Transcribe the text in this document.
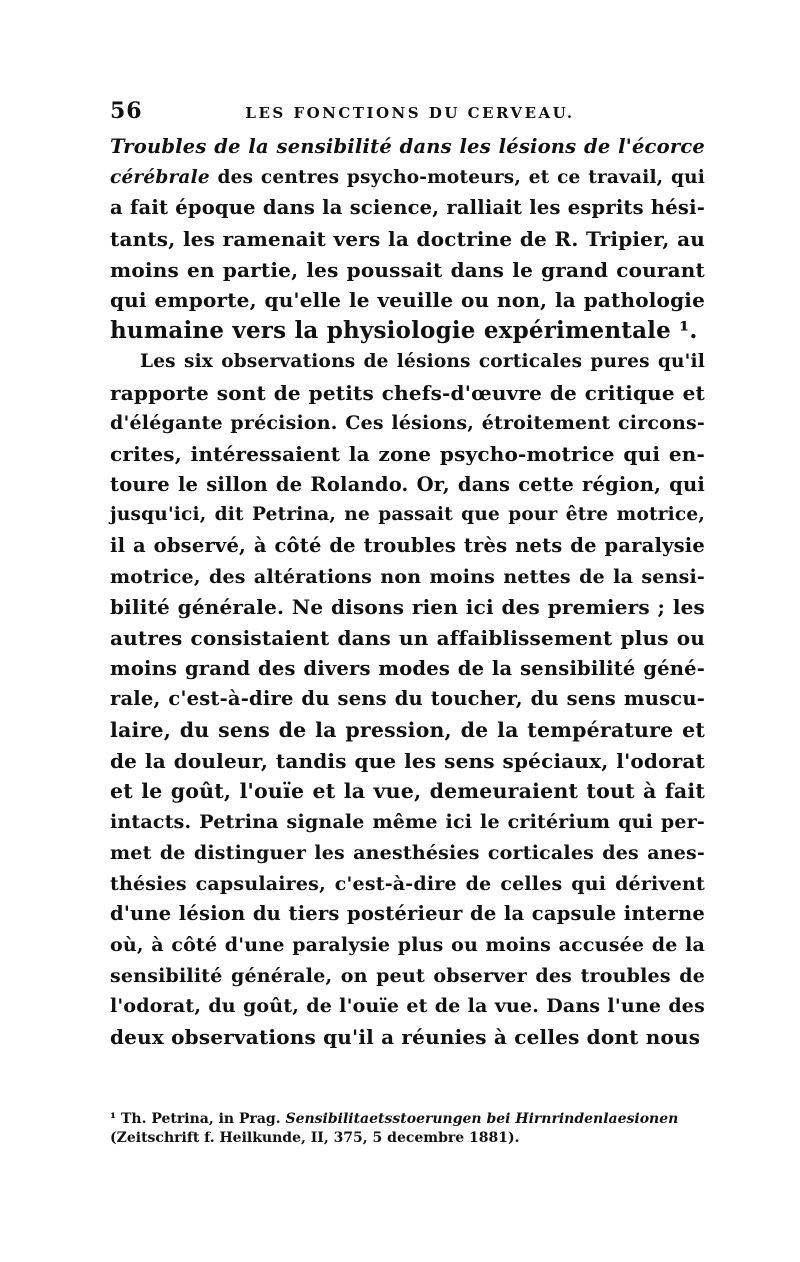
56	LES FONCTIONS DU CERVEAU.
Troubles de la sensibilité dans les lésions de l'écorce
cérébrale des centres psycho-moteurs, et ce travail, qui
a fait époque dans la science, ralliait les esprits hési-
tants, les ramenait vers la doctrine de R. Tripier, au
moins en partie, les poussait dans le grand courant
qui emporte, qu'elle le veuille ou non, la pathologie
humaine vers la physiologie expérimentale ¹.
Les six observations de lésions corticales pures qu'il
rapporte sont de petits chefs-d'œuvre de critique et
d'élégante précision. Ces lésions, étroitement circons-
crites, intéressaient la zone psycho-motrice qui en-
toure le sillon de Rolando. Or, dans cette région, qui
jusqu'ici, dit Petrina, ne passait que pour être motrice,
il a observé, à côté de troubles très nets de paralysie
motrice, des altérations non moins nettes de la sensi-
bilité générale. Ne disons rien ici des premiers ; les
autres consistaient dans un affaiblissement plus ou
moins grand des divers modes de la sensibilité géné-
rale, c'est-à-dire du sens du toucher, du sens muscu-
laire, du sens de la pression, de la température et
de la douleur, tandis que les sens spéciaux, l'odorat
et le goût, l'ouïe et la vue, demeuraient tout à fait
intacts. Petrina signale même ici le critérium qui per-
met de distinguer les anesthésies corticales des anes-
thésies capsulaires, c'est-à-dire de celles qui dérivent
d'une lésion du tiers postérieur de la capsule interne
où, à côté d'une paralysie plus ou moins accusée de la
sensibilité générale, on peut observer des troubles de
l'odorat, du goût, de l'ouïe et de la vue. Dans l'une des
deux observations qu'il a réunies à celles dont nous
¹ Th. Petrina, in Prag. Sensibilitaetsstoerungen bei Hirnrindenlaesionen
(Zeitschrift f. Heilkunde, II, 375, 5 decembre 1881).
